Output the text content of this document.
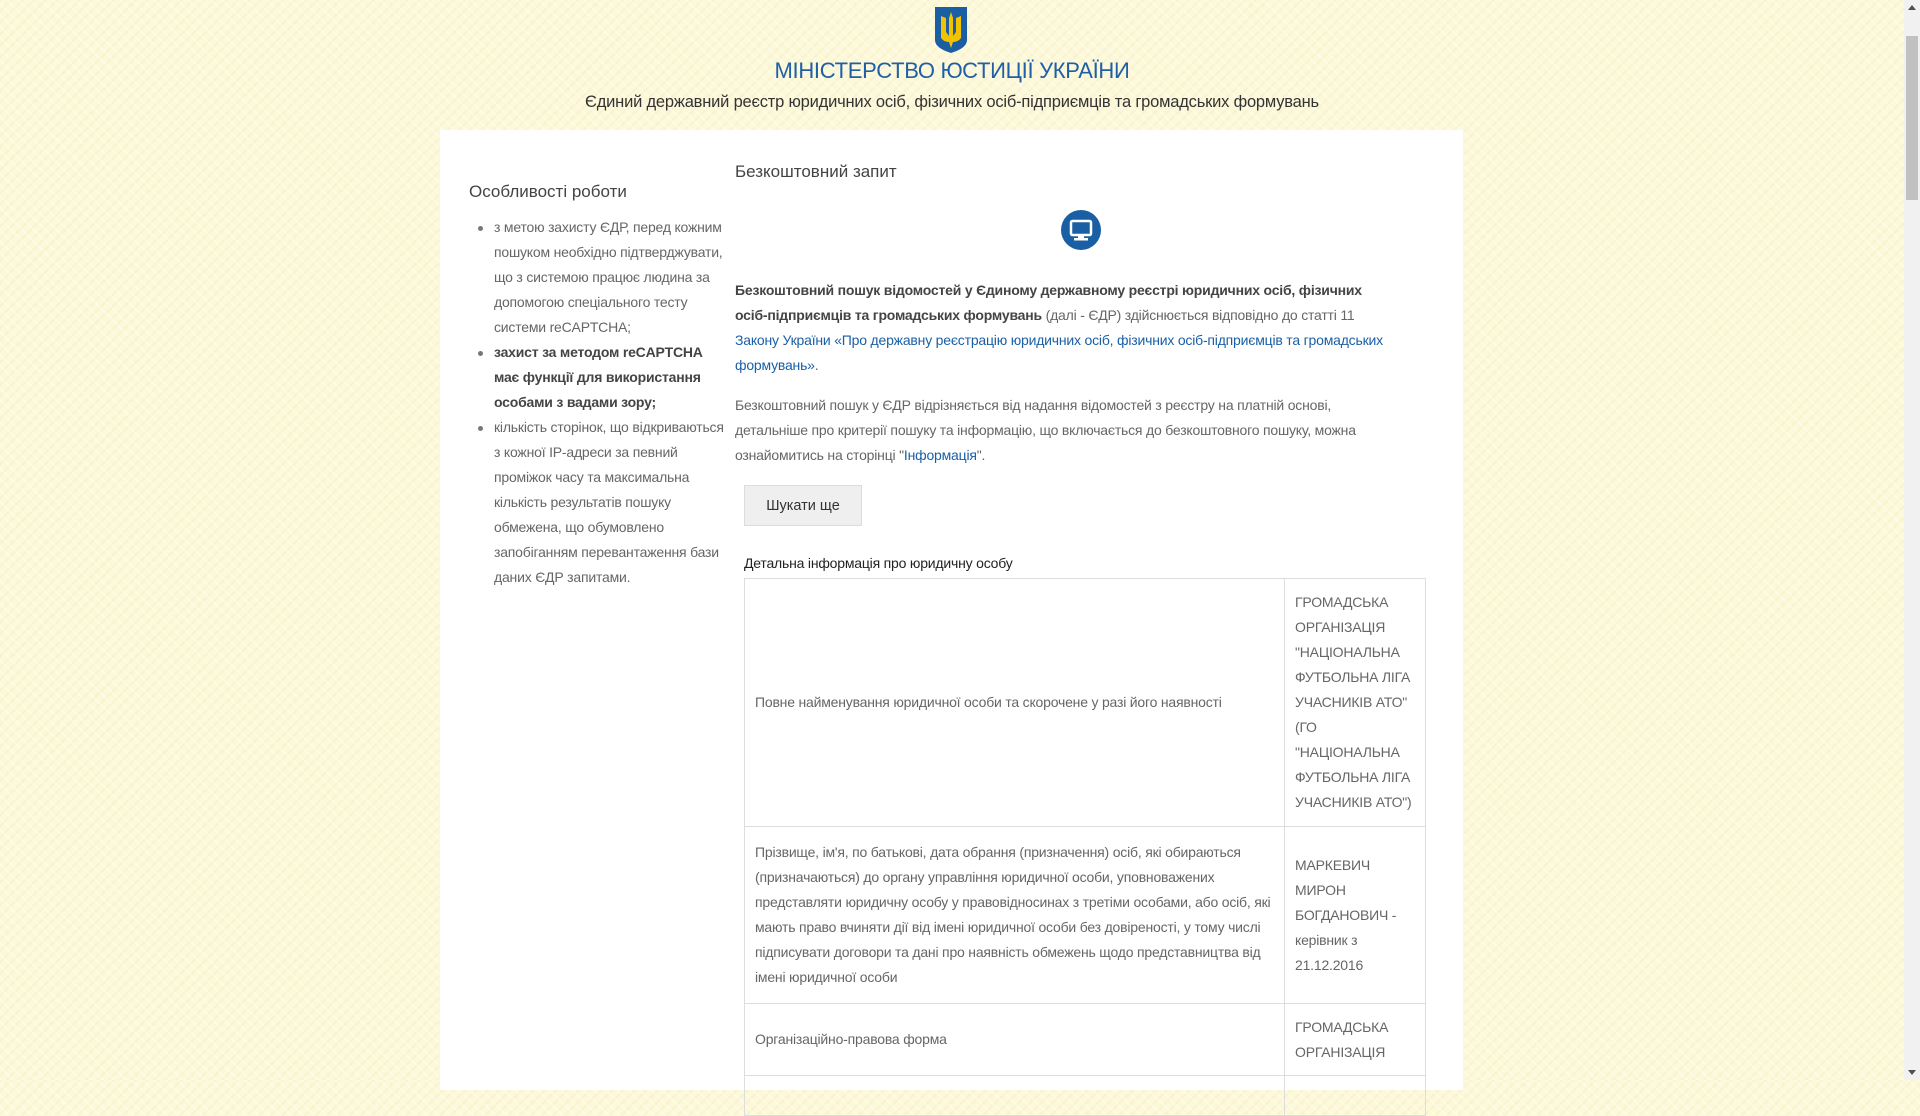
МІНІСТЕРСТВО ЮСТИЦІЇ УКРАЇНИ
Єдиний державний реєстр юридичних осіб, фізичних осіб-підприємців та громадських формувань
Особливості роботи
з метою захисту ЄДР, перед кожним пошуком необхідно підтверджувати, що з системою працює людина за допомогою спеціального тесту системи reCAPTCHA;
захист за методом reCAPTCHA має функції для використання особами з вадами зору;
кількість сторінок, що відкриваються з кожної IP-адреси за певний проміжок часу та максимальна кількість результатів пошуку обмежена, що обумовлено запобіганням перевантаження бази даних ЄДР запитами.
Безкоштовний запит

Безкоштовний пошук відомостей у Єдиному державному реєстрі юридичних осіб, фізичних осіб-підприємців та громадських формувань (далі - ЄДР) здійснюється відповідно до статті 11 Закону України «Про державну реєстрацію юридичних осіб, фізичних осіб-підприємців та громадських формувань».

Безкоштовний пошук у ЄДР відрізняється від надання відомостей з реєстру на платній основі, детальніше про критерії пошуку та інформацію, що включається до безкоштовного пошуку, можна ознайомитись на сторінці "Інформація".

Шукати ще
Детальна інформація про юридичну особу
Повне найменування юридичної особи та скорочене у разі його наявності	ГРОМАДСЬКА ОРГАНІЗАЦІЯ "НАЦІОНАЛЬНА ФУТБОЛЬНА ЛІГА УЧАСНИКІВ АТО" (ГО "НАЦІОНАЛЬНА ФУТБОЛЬНА ЛІГА УЧАСНИКІВ АТО")
Прізвище, ім'я, по батькові, дата обрання (призначення) осіб, які обираються (призначаються) до органу управління юридичної особи, уповноважених представляти юридичну особу у правовідносинах з третіми особами, або осіб, які мають право вчиняти дії від імені юридичної особи без довіреності, у тому числі підписувати договори та дані про наявність обмежень щодо представництва від імені юридичної особи	МАРКЕВИЧ МИРОН БОГДАНОВИЧ - керівник з 21.12.2016
Організаційно-правова форма	ГРОМАДСЬКА ОРГАНІЗАЦІЯ
